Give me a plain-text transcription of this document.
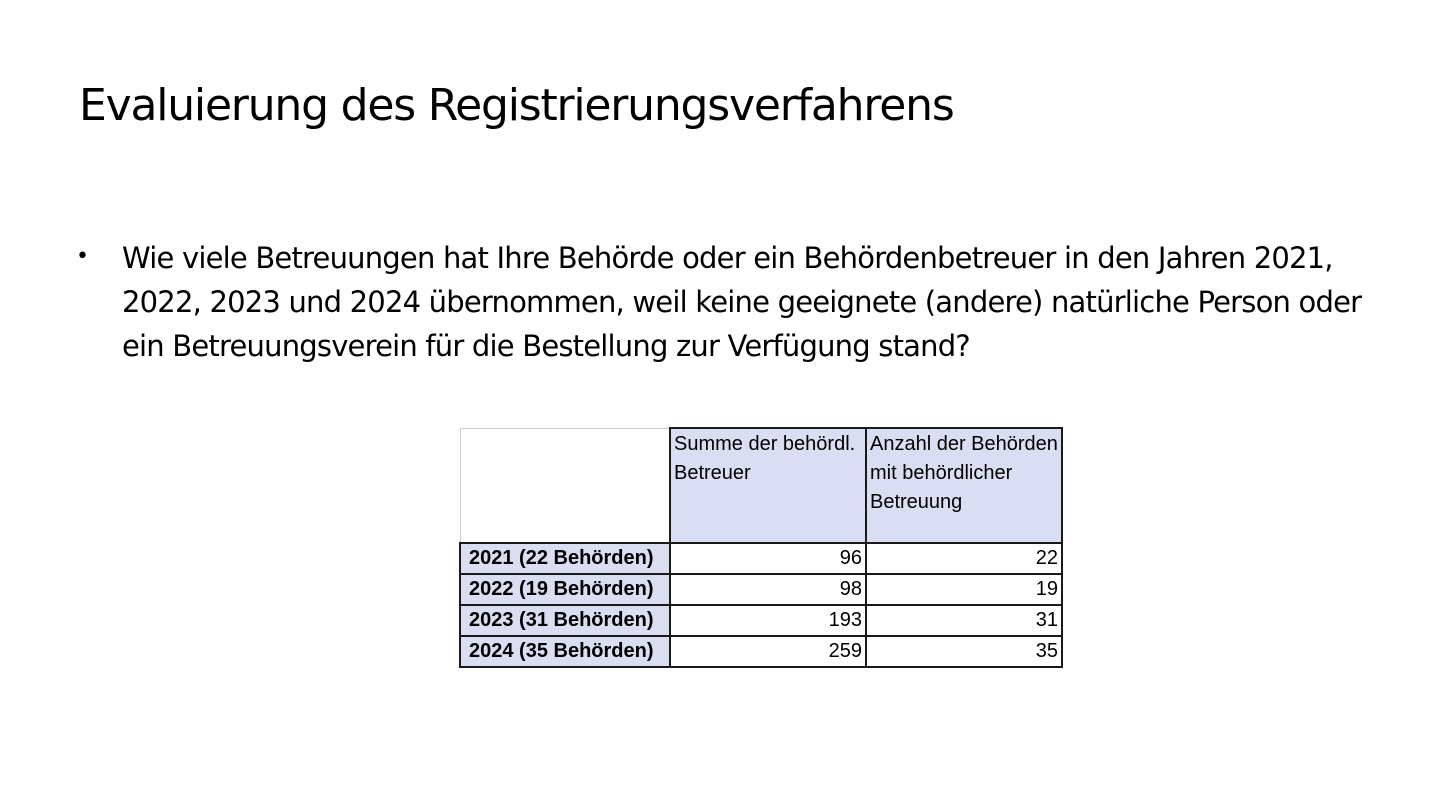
Evaluierung des Registrierungsverfahrens
• Wie viele Betreuungen hat Ihre Behörde oder ein Behördenbetreuer in den Jahren 2021, 2022, 2023 und 2024 übernommen, weil keine geeignete (andere) natürliche Person oder ein Betreuungsverein für die Bestellung zur Verfügung stand?
	Summe der behördl. Betreuer	Anzahl der Behörden mit behördlicher Betreuung
2021 (22 Behörden)	96	22
2022 (19 Behörden)	98	19
2023 (31 Behörden)	193	31
2024 (35 Behörden)	259	35
